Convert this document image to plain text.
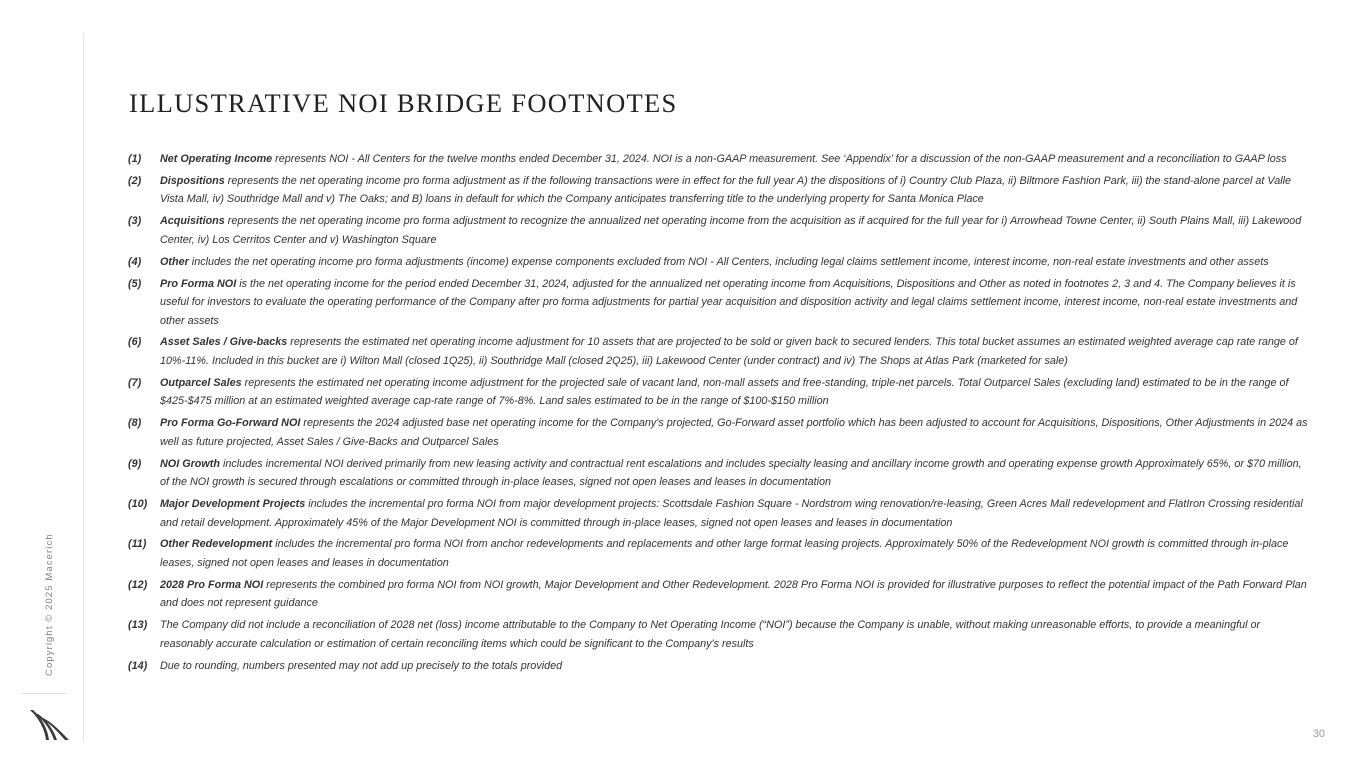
Copyright © 2025 Macerich
ILLUSTRATIVE NOI BRIDGE FOOTNOTES
(1) Net Operating Income represents NOI - All Centers for the twelve months ended December 31, 2024. NOI is a non-GAAP measurement. See ‘Appendix’ for a discussion of the non-GAAP measurement and a reconciliation to GAAP loss
(2) Dispositions represents the net operating income pro forma adjustment as if the following transactions were in effect for the full year A) the dispositions of i) Country Club Plaza, ii) Biltmore Fashion Park, iii) the stand-alone parcel at Valle Vista Mall, iv) Southridge Mall and v) The Oaks; and B) loans in default for which the Company anticipates transferring title to the underlying property for Santa Monica Place
(3) Acquisitions represents the net operating income pro forma adjustment to recognize the annualized net operating income from the acquisition as if acquired for the full year for i) Arrowhead Towne Center, ii) South Plains Mall, iii) Lakewood Center, iv) Los Cerritos Center and v) Washington Square
(4) Other includes the net operating income pro forma adjustments (income) expense components excluded from NOI - All Centers, including legal claims settlement income, interest income, non-real estate investments and other assets
(5) Pro Forma NOI is the net operating income for the period ended December 31, 2024, adjusted for the annualized net operating income from Acquisitions, Dispositions and Other as noted in footnotes 2, 3 and 4. The Company believes it is useful for investors to evaluate the operating performance of the Company after pro forma adjustments for partial year acquisition and disposition activity and legal claims settlement income, interest income, non-real estate investments and other assets
(6) Asset Sales / Give-backs represents the estimated net operating income adjustment for 10 assets that are projected to be sold or given back to secured lenders. This total bucket assumes an estimated weighted average cap rate range of 10%-11%. Included in this bucket are i) Wilton Mall (closed 1Q25), ii) Southridge Mall (closed 2Q25), iii) Lakewood Center (under contract) and iv) The Shops at Atlas Park (marketed for sale)
(7) Outparcel Sales represents the estimated net operating income adjustment for the projected sale of vacant land, non-mall assets and free-standing, triple-net parcels. Total Outparcel Sales (excluding land) estimated to be in the range of $425-$475 million at an estimated weighted average cap-rate range of 7%-8%. Land sales estimated to be in the range of $100-$150 million
(8) Pro Forma Go-Forward NOI represents the 2024 adjusted base net operating income for the Company's projected, Go-Forward asset portfolio which has been adjusted to account for Acquisitions, Dispositions, Other Adjustments in 2024 as well as future projected, Asset Sales / Give-Backs and Outparcel Sales
(9) NOI Growth includes incremental NOI derived primarily from new leasing activity and contractual rent escalations and includes specialty leasing and ancillary income growth and operating expense growth Approximately 65%, or $70 million, of the NOI growth is secured through escalations or committed through in-place leases, signed not open leases and leases in documentation
(10) Major Development Projects includes the incremental pro forma NOI from major development projects: Scottsdale Fashion Square - Nordstrom wing renovation/re-leasing, Green Acres Mall redevelopment and FlatIron Crossing residential and retail development. Approximately 45% of the Major Development NOI is committed through in-place leases, signed not open leases and leases in documentation
(11) Other Redevelopment includes the incremental pro forma NOI from anchor redevelopments and replacements and other large format leasing projects. Approximately 50% of the Redevelopment NOI growth is committed through in-place leases, signed not open leases and leases in documentation
(12) 2028 Pro Forma NOI represents the combined pro forma NOI from NOI growth, Major Development and Other Redevelopment. 2028 Pro Forma NOI is provided for illustrative purposes to reflect the potential impact of the Path Forward Plan and does not represent guidance
(13) The Company did not include a reconciliation of 2028 net (loss) income attributable to the Company to Net Operating Income (“NOI”) because the Company is unable, without making unreasonable efforts, to provide a meaningful or reasonably accurate calculation or estimation of certain reconciling items which could be significant to the Company's results
(14) Due to rounding, numbers presented may not add up precisely to the totals provided
30
